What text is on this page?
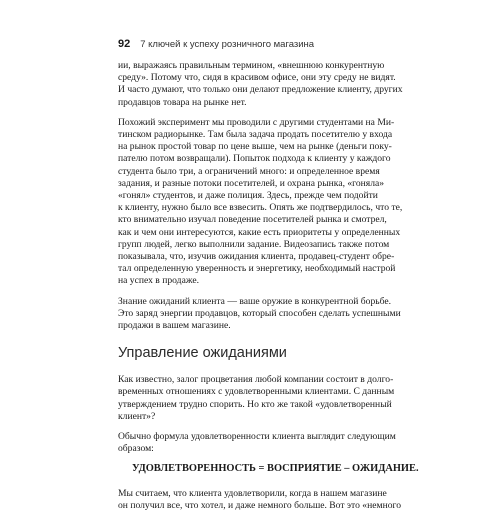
92 7 ключей к успеху розничного магазина

ии, выражаясь правильным термином, «внешнюю конкурентную
среду». Потому что, сидя в красивом офисе, они эту среду не видят.
И часто думают, что только они делают предложение клиенту, других
продавцов товара на рынке нет.

Похожий эксперимент мы проводили с другими студентами на Ми-
тинском радиорынке. Там была задача продать посетителю у входа
на рынок простой товар по цене выше, чем на рынке (деньги поку-
пателю потом возвращали). Попыток подхода к клиенту у каждого
студента было три, а ограничений много: и определенное время
задания, и разные потоки посетителей, и охрана рынка, «гоняла»
«гонял» студентов, и даже полиция. Здесь, прежде чем подойти
к клиенту, нужно было все взвесить. Опять же подтвердилось, что те,
кто внимательно изучал поведение посетителей рынка и смотрел,
как и чем они интересуются, какие есть приоритеты у определенных
групп людей, легко выполнили задание. Видеозапись также потом
показывала, что, изучив ожидания клиента, продавец-студент обре-
тал определенную уверенность и энергетику, необходимый настрой
на успех в продаже.

Знание ожиданий клиента — ваше оружие в конкурентной борьбе.
Это заряд энергии продавцов, который способен сделать успешными
продажи в вашем магазине.

Управление ожиданиями

Как известно, залог процветания любой компании состоит в долго-
временных отношениях с удовлетворенными клиентами. С данным
утверждением трудно спорить. Но кто же такой «удовлетворенный
клиент»?

Обычно формула удовлетворенности клиента выглядит следующим
образом:

УДОВЛЕТВОРЕННОСТЬ = ВОСПРИЯТИЕ – ОЖИДАНИЕ.

Мы считаем, что клиента удовлетворили, когда в нашем магазине
он получил все, что хотел, и даже немного больше. Вот это «немного
